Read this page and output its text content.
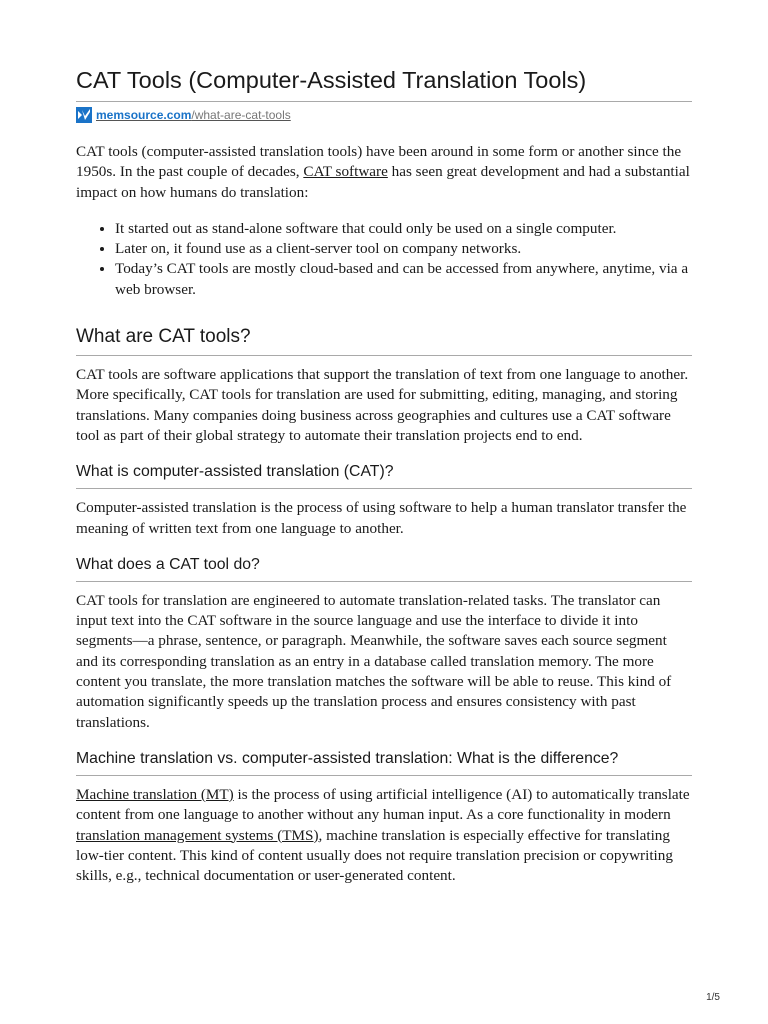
CAT Tools (Computer-Assisted Translation Tools)
memsource.com/what-are-cat-tools

CAT tools (computer-assisted translation tools) have been around in some form or another since the 1950s. In the past couple of decades, CAT software has seen great development and had a substantial impact on how humans do translation:

• It started out as stand-alone software that could only be used on a single computer.
• Later on, it found use as a client-server tool on company networks.
• Today’s CAT tools are mostly cloud-based and can be accessed from anywhere, anytime, via a web browser.
What are CAT tools?

CAT tools are software applications that support the translation of text from one language to another. More specifically, CAT tools for translation are used for submitting, editing, managing, and storing translations. Many companies doing business across geographies and cultures use a CAT software tool as part of their global strategy to automate their translation projects end to end.

What is computer-assisted translation (CAT)?

Computer-assisted translation is the process of using software to help a human translator transfer the meaning of written text from one language to another.

What does a CAT tool do?

CAT tools for translation are engineered to automate translation-related tasks. The translator can input text into the CAT software in the source language and use the interface to divide it into segments—a phrase, sentence, or paragraph. Meanwhile, the software saves each source segment and its corresponding translation as an entry in a database called translation memory. The more content you translate, the more translation matches the software will be able to reuse. This kind of automation significantly speeds up the translation process and ensures consistency with past translations.

Machine translation vs. computer-assisted translation: What is the difference?

Machine translation (MT) is the process of using artificial intelligence (AI) to automatically translate content from one language to another without any human input. As a core functionality in modern translation management systems (TMS), machine translation is especially effective for translating low-tier content. This kind of content usually does not require translation precision or copywriting skills, e.g., technical documentation or user-generated content.

1/5
